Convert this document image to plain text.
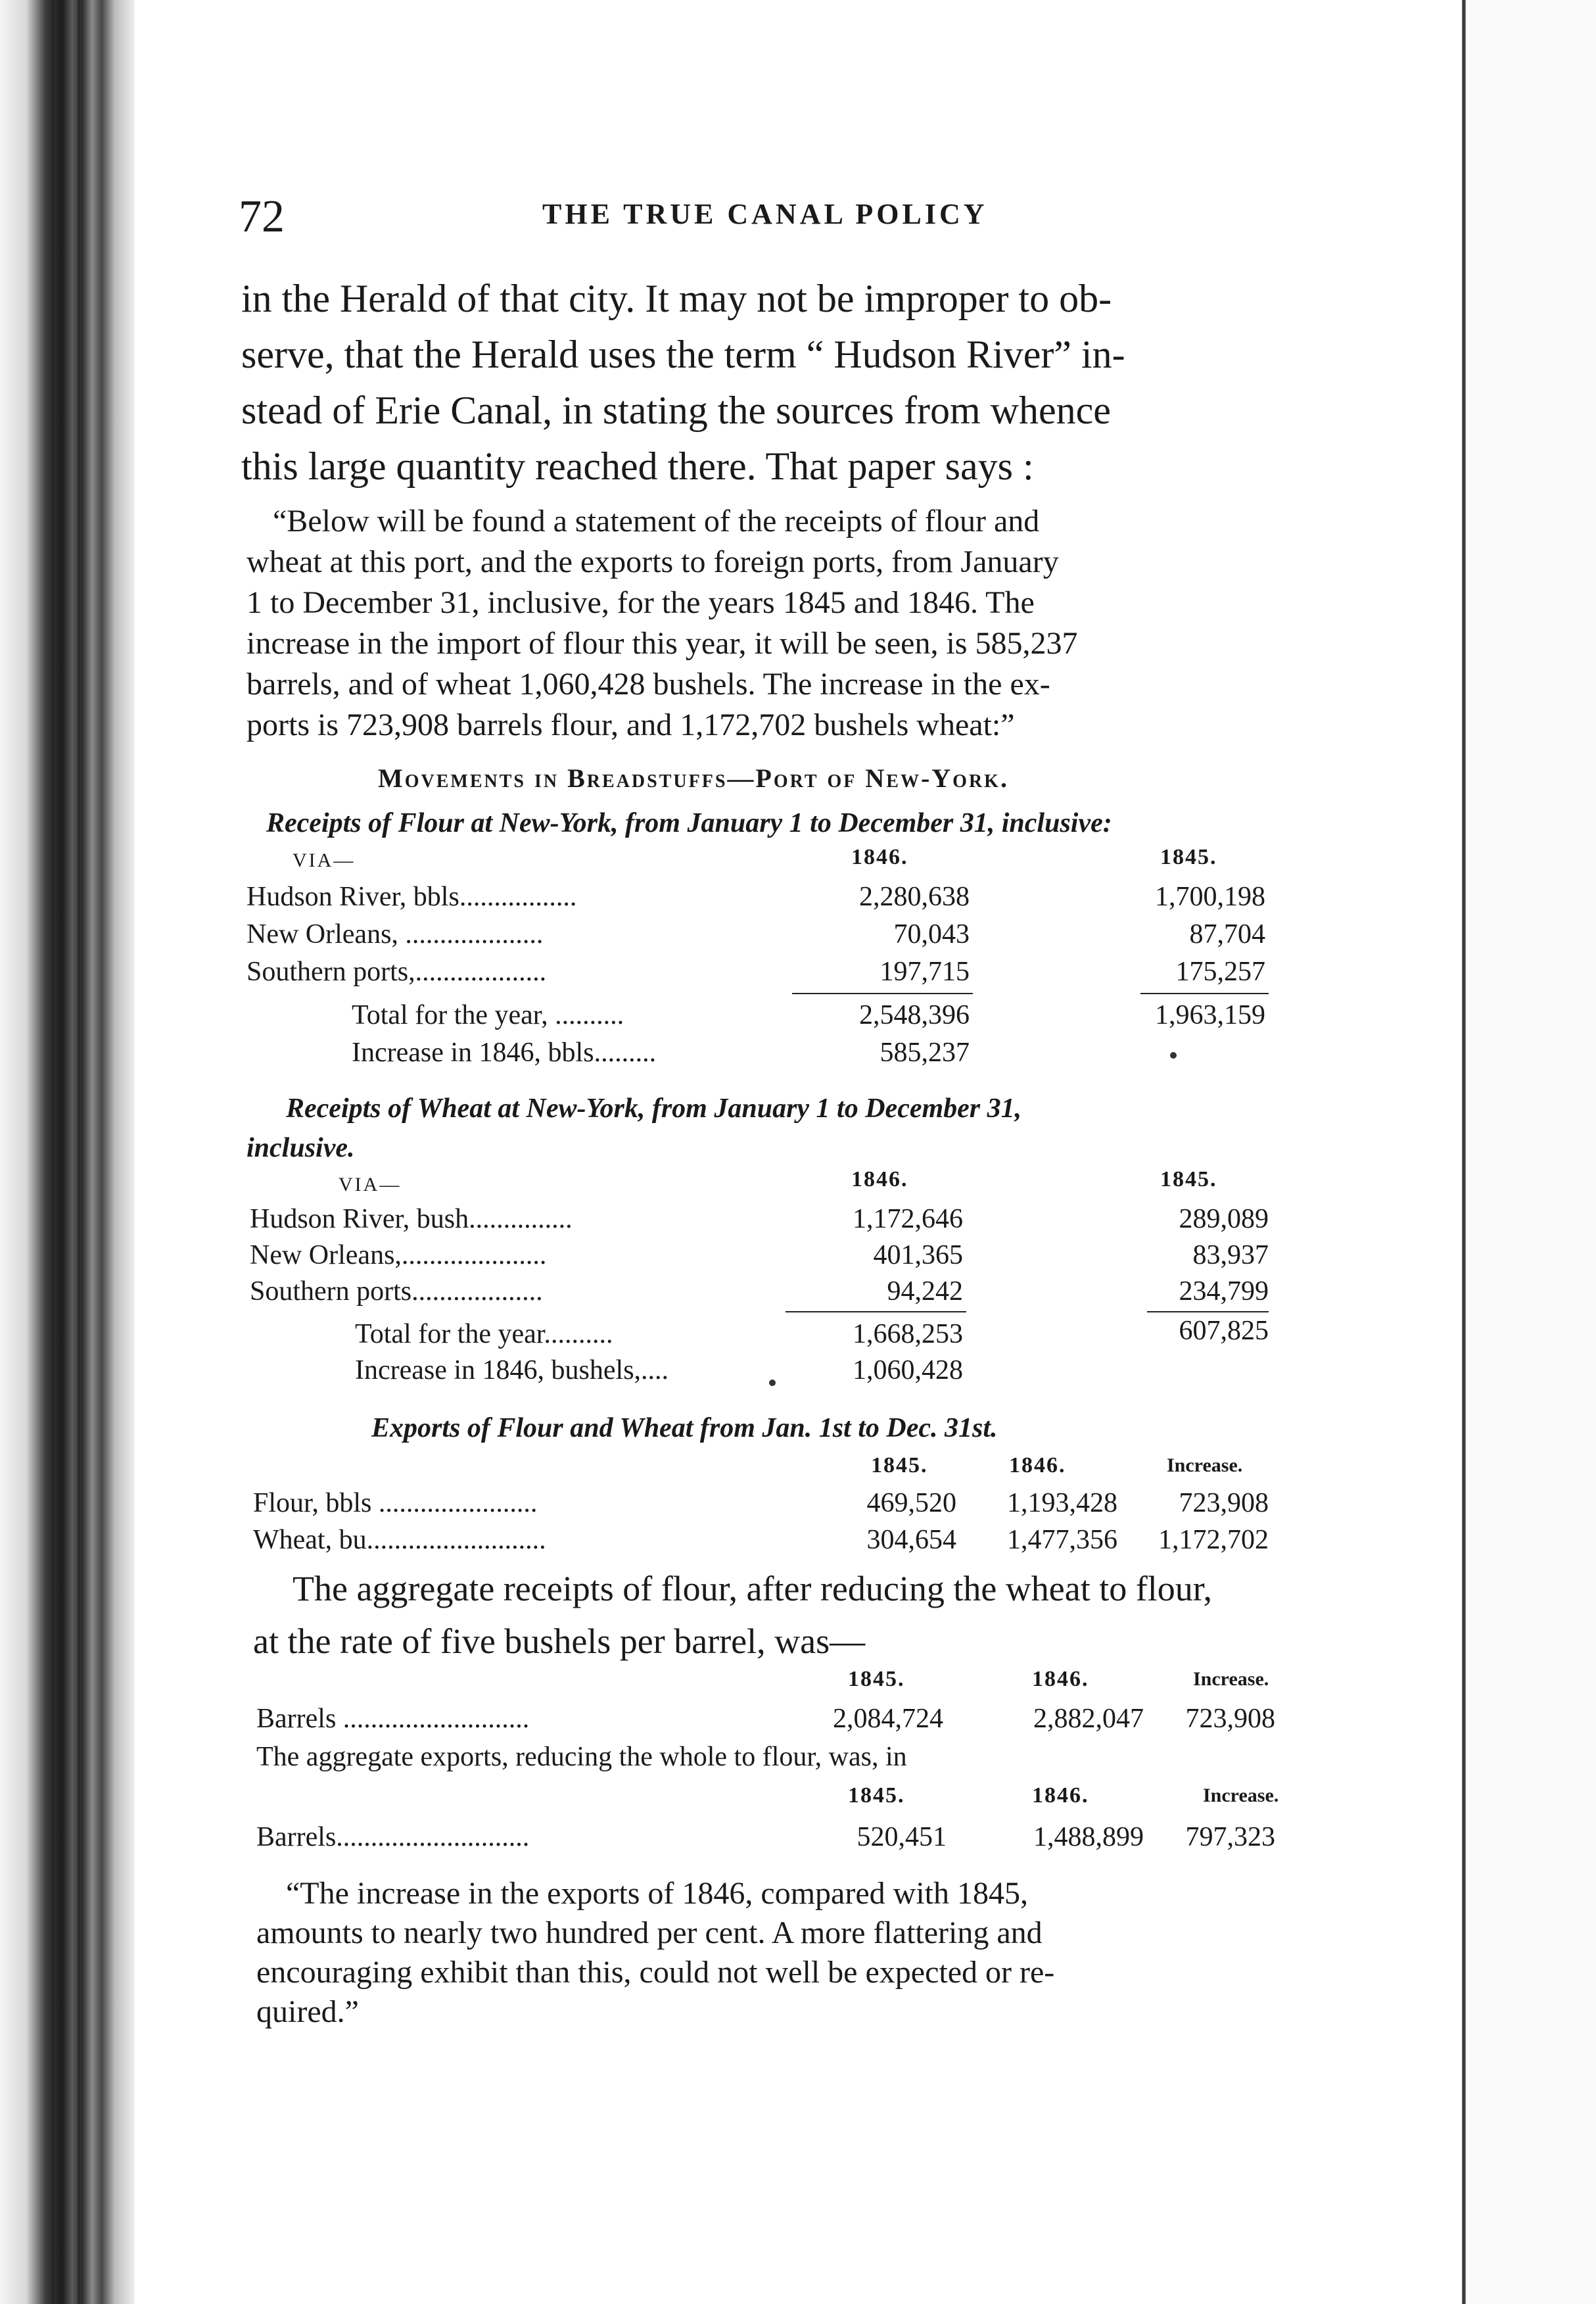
72	THE TRUE CANAL POLICY
in the Herald of that city. It may not be improper to ob-
serve, that the Herald uses the term “ Hudson River” in-
stead of Erie Canal, in stating the sources from whence
this large quantity reached there. That paper says :
“Below will be found a statement of the receipts of flour and
wheat at this port, and the exports to foreign ports, from January
1 to December 31, inclusive, for the years 1845 and 1846. The
increase in the import of flour this year, it will be seen, is 585,237
barrels, and of wheat 1,060,428 bushels. The increase in the ex-
ports is 723,908 barrels flour, and 1,172,702 bushels wheat:”
Movements in Breadstuffs—Port of New-York.
Receipts of Flour at New-York, from January 1 to December 31, inclusive:
VIA—	1846.	1845.
Hudson River, bbls.................	2,280,638	1,700,198
New Orleans, ....................	70,043	87,704
Southern ports,...................	197,715	175,257
Total for the year, ..........	2,548,396	1,963,159
Increase in 1846, bbls.........	585,237
Receipts of Wheat at New-York, from January 1 to December 31,
inclusive.
VIA—	1846.	1845.
Hudson River, bush...............	1,172,646	289,089
New Orleans,.....................	401,365	83,937
Southern ports...................	94,242	234,799
Total for the year..........	1,668,253	607,825
Increase in 1846, bushels,....	1,060,428
Exports of Flour and Wheat from Jan. 1st to Dec. 31st.
1845.	1846.	Increase.
Flour, bbls .......................	469,520	1,193,428	723,908
Wheat, bu..........................	304,654	1,477,356	1,172,702
The aggregate receipts of flour, after reducing the wheat to flour,
at the rate of five bushels per barrel, was—
1845.	1846.	Increase.
Barrels ...........................	2,084,724	2,882,047	723,908
The aggregate exports, reducing the whole to flour, was, in
1845.	1846.	Increase.
Barrels............................	520,451	1,488,899	797,323
“The increase in the exports of 1846, compared with 1845,
amounts to nearly two hundred per cent. A more flattering and
encouraging exhibit than this, could not well be expected or re-
quired.”
